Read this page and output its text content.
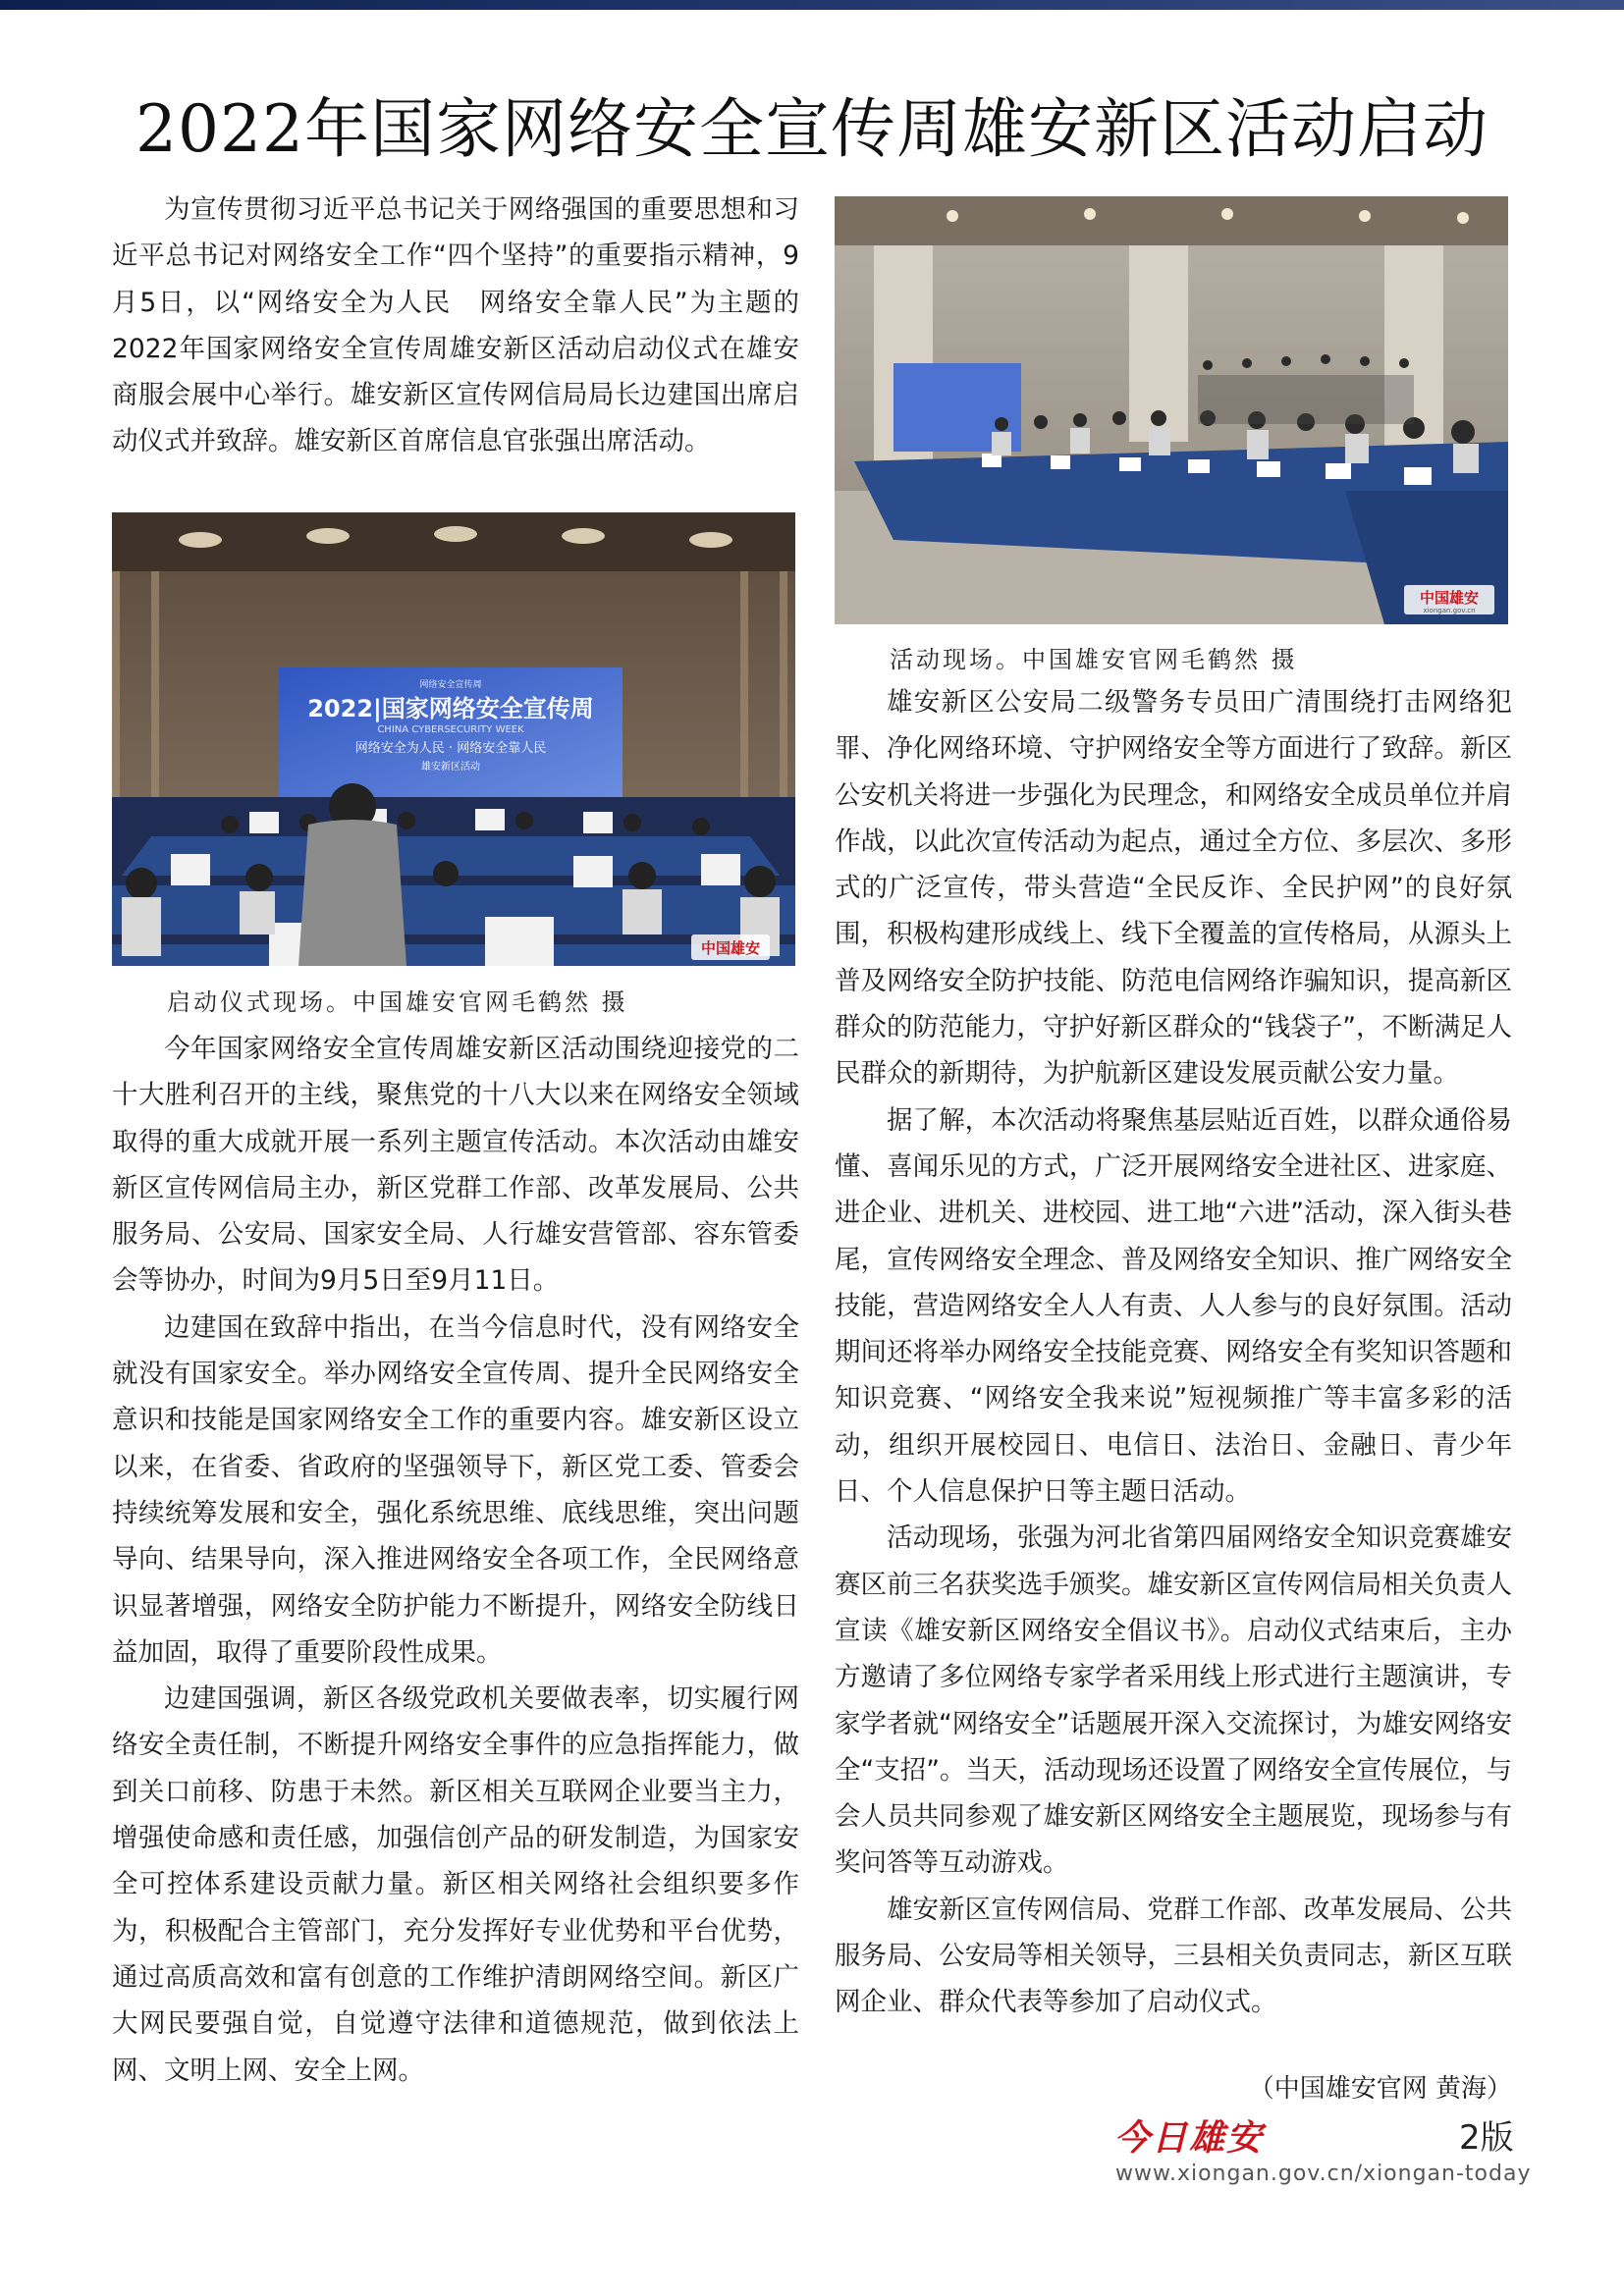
2022年国家网络安全宣传周雄安新区活动启动

为宣传贯彻习近平总书记关于网络强国的重要思想和习近平总书记对网络安全工作“四个坚持”的重要指示精神，9月5日，以“网络安全为人民　网络安全靠人民”为主题的2022年国家网络安全宣传周雄安新区活动启动仪式在雄安商服会展中心举行。雄安新区宣传网信局局长边建国出席启动仪式并致辞。雄安新区首席信息官张强出席活动。

网络安全宣传周
2022|国家网络安全宣传周
CHINA CYBERSECURITY WEEK
网络安全为人民 · 网络安全靠人民
雄安新区活动
中国雄安
启动仪式现场。中国雄安官网毛鹤然 摄

今年国家网络安全宣传周雄安新区活动围绕迎接党的二十大胜利召开的主线，聚焦党的十八大以来在网络安全领域取得的重大成就开展一系列主题宣传活动。本次活动由雄安新区宣传网信局主办，新区党群工作部、改革发展局、公共服务局、公安局、国家安全局、人行雄安营管部、容东管委会等协办，时间为9月5日至9月11日。

边建国在致辞中指出，在当今信息时代，没有网络安全就没有国家安全。举办网络安全宣传周、提升全民网络安全意识和技能是国家网络安全工作的重要内容。雄安新区设立以来，在省委、省政府的坚强领导下，新区党工委、管委会持续统筹发展和安全，强化系统思维、底线思维，突出问题导向、结果导向，深入推进网络安全各项工作，全民网络意识显著增强，网络安全防护能力不断提升，网络安全防线日益加固，取得了重要阶段性成果。

边建国强调，新区各级党政机关要做表率，切实履行网络安全责任制，不断提升网络安全事件的应急指挥能力，做到关口前移、防患于未然。新区相关互联网企业要当主力，增强使命感和责任感，加强信创产品的研发制造，为国家安全可控体系建设贡献力量。新区相关网络社会组织要多作为，积极配合主管部门，充分发挥好专业优势和平台优势，通过高质高效和富有创意的工作维护清朗网络空间。新区广大网民要强自觉，自觉遵守法律和道德规范，做到依法上网、文明上网、安全上网。

中国雄安
xiongan.gov.cn
活动现场。中国雄安官网毛鹤然 摄

雄安新区公安局二级警务专员田广清围绕打击网络犯罪、净化网络环境、守护网络安全等方面进行了致辞。新区公安机关将进一步强化为民理念，和网络安全成员单位并肩作战，以此次宣传活动为起点，通过全方位、多层次、多形式的广泛宣传，带头营造“全民反诈、全民护网”的良好氛围，积极构建形成线上、线下全覆盖的宣传格局，从源头上普及网络安全防护技能、防范电信网络诈骗知识，提高新区群众的防范能力，守护好新区群众的“钱袋子”，不断满足人民群众的新期待，为护航新区建设发展贡献公安力量。

据了解，本次活动将聚焦基层贴近百姓，以群众通俗易懂、喜闻乐见的方式，广泛开展网络安全进社区、进家庭、进企业、进机关、进校园、进工地“六进”活动，深入街头巷尾，宣传网络安全理念、普及网络安全知识、推广网络安全技能，营造网络安全人人有责、人人参与的良好氛围。活动期间还将举办网络安全技能竞赛、网络安全有奖知识答题和知识竞赛、“网络安全我来说”短视频推广等丰富多彩的活动，组织开展校园日、电信日、法治日、金融日、青少年日、个人信息保护日等主题日活动。

活动现场，张强为河北省第四届网络安全知识竞赛雄安赛区前三名获奖选手颁奖。雄安新区宣传网信局相关负责人宣读《雄安新区网络安全倡议书》。启动仪式结束后，主办方邀请了多位网络专家学者采用线上形式进行主题演讲，专家学者就“网络安全”话题展开深入交流探讨，为雄安网络安全“支招”。当天，活动现场还设置了网络安全宣传展位，与会人员共同参观了雄安新区网络安全主题展览，现场参与有奖问答等互动游戏。

雄安新区宣传网信局、党群工作部、改革发展局、公共服务局、公安局等相关领导，三县相关负责同志，新区互联网企业、群众代表等参加了启动仪式。

（中国雄安官网 黄海）
今日雄安	2版
www.xiongan.gov.cn/xiongan-today
